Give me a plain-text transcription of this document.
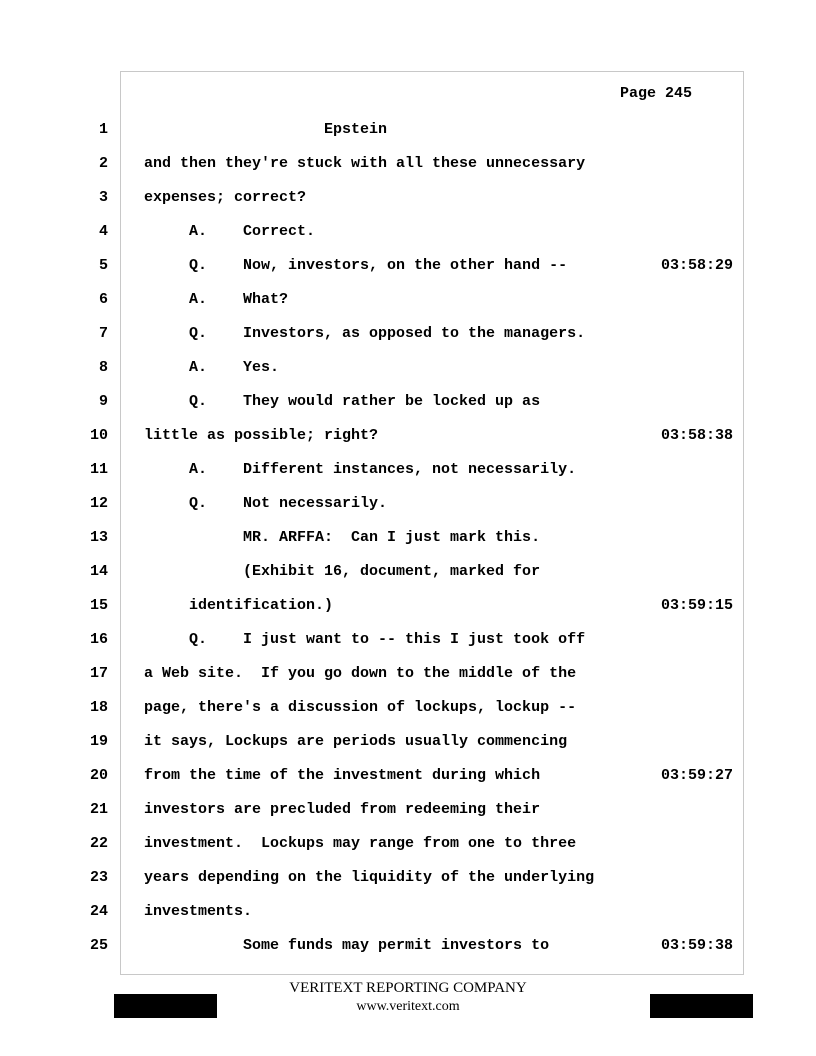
Page 245
1 Epstein
2 and then they're stuck with all these unnecessary
3 expenses; correct?
4 A.    Correct.
5 Q.    Now, investors, on the other hand --	03:58:29
6 A.    What?
7 Q.    Investors, as opposed to the managers.
8 A.    Yes.
9 Q.    They would rather be locked up as
10 little as possible; right?	03:58:38
11 A.    Different instances, not necessarily.
12 Q.    Not necessarily.
13 MR. ARFFA:  Can I just mark this.
14 (Exhibit 16, document, marked for
15 identification.)	03:59:15
16 Q.    I just want to -- this I just took off
17 a Web site.  If you go down to the middle of the
18 page, there's a discussion of lockups, lockup --
19 it says, Lockups are periods usually commencing
20 from the time of the investment during which	03:59:27
21 investors are precluded from redeeming their
22 investment.  Lockups may range from one to three
23 years depending on the liquidity of the underlying
24 investments.
25 Some funds may permit investors to	03:59:38
VERITEXT REPORTING COMPANY
www.veritext.com
